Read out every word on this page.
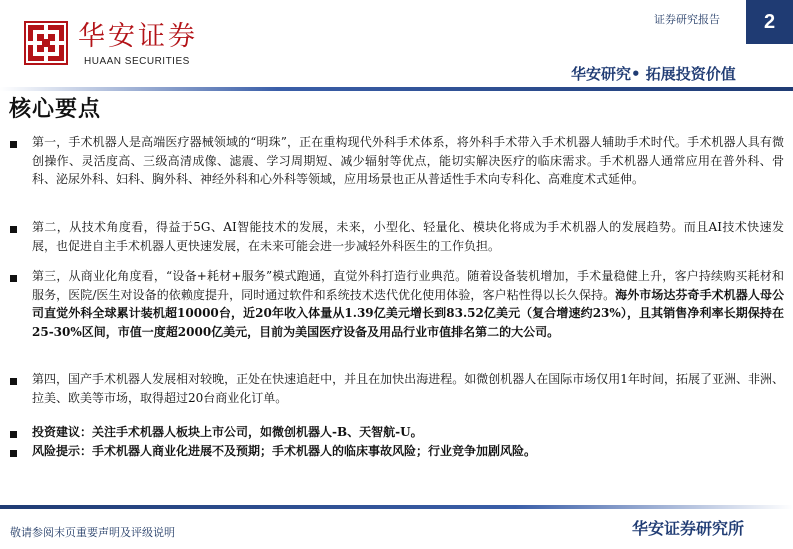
华安证券
HUAAN SECURITIES
证券研究报告	2
华安研究• 拓展投资价值
核心要点
第一，手术机器人是高端医疗器械领域的“明珠”，正在重构现代外科手术体系，将外科手术带入手术机器人辅助手术时代。手术机器人具有微创操作、灵活度高、三级高清成像、滤震、学习周期短、减少辐射等优点，能切实解决医疗的临床需求。手术机器人通常应用在普外科、骨科、泌尿外科、妇科、胸外科、神经外科和心外科等领域，应用场景也正从普适性手术向专科化、高难度术式延伸。
第二，从技术角度看，得益于5G、AI智能技术的发展，未来，小型化、轻量化、模块化将成为手术机器人的发展趋势。而且AI技术快速发展，也促进自主手术机器人更快速发展，在未来可能会进一步减轻外科医生的工作负担。
第三，从商业化角度看，“设备+耗材+服务”模式跑通，直觉外科打造行业典范。随着设备装机增加，手术量稳健上升，客户持续购买耗材和服务，医院/医生对设备的依赖度提升，同时通过软件和系统技术迭代优化使用体验，客户粘性得以长久保持。海外市场达芬奇手术机器人母公司直觉外科全球累计装机超10000台，近20年收入体量从1.39亿美元增长到83.52亿美元（复合增速约23%），且其销售净利率长期保持在25-30%区间，市值一度超2000亿美元，目前为美国医疗设备及用品行业市值排名第二的大公司。
第四，国产手术机器人发展相对较晚，正处在快速追赶中，并且在加快出海进程。如微创机器人在国际市场仅用1年时间，拓展了亚洲、非洲、拉美、欧美等市场，取得超过20台商业化订单。
投资建议：关注手术机器人板块上市公司，如微创机器人-B、天智航-U。
风险提示：手术机器人商业化进展不及预期；手术机器人的临床事故风险；行业竞争加剧风险。
敬请参阅末页重要声明及评级说明	华安证券研究所
